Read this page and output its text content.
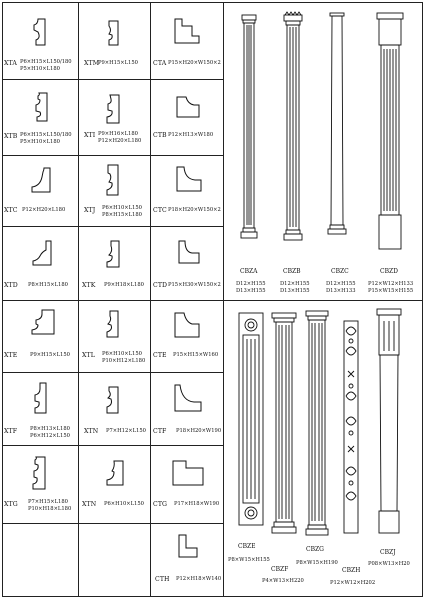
XTA P6×H15×L150/180
P5×H10×L180
XTB P6×H15×L150/180
P5×H10×L180
XTC P12×H20×L180
XTD P8×H15×L180
XTE P9×H15×L150
XTF P8×H13×L180
P6×H12×L150
XTG P7×H15×L180
P10×H18×L180
XTM
P9×H15×L150
XTI P9×H16×L180
P12×H20×L180
XTJ P6×H10×L150
P8×H15×L180
XTK P9×H18×L180
XTL P6×H10×L150
P10×H12×L180
XTN P7×H12×L150
XTN P6×H10×L150
CTA P15×H20×W150×2
CTB P12×H13×W180
CTC P18×H20×W150×2
CTD P15×H30×W150×2
CTE P15×H15×W160
CTF P18×H20×W190
CTG P17×H18×W190
CTH P12×H18×W140
CBZA
D12×H155
D13×H155
CBZB
D12×H155
D13×H155
CBZC
D12×H155
D13×H133
CBZD
P12×W12×H133
P15×W15×H155
CBZE
P8×W15×H155
CBZF
P4×W13×H220
CBZG
P8×W15×H190
CBZH
P12×W12×H202
CBZJ
P08×W13×H20
